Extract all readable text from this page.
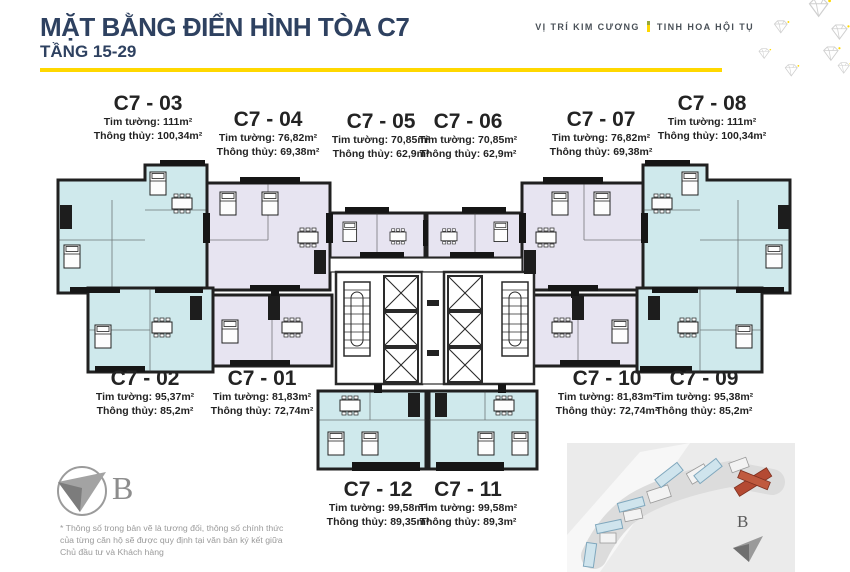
MẶT BẰNG ĐIỂN HÌNH TÒA C7
TẦNG 15-29
VỊ TRÍ KIM CƯƠNG TINH HOA HỘI TỤ
C7 - 03
Tim tường: 111m²
Thông thủy: 100,34m²
C7 - 04
Tim tường: 76,82m²
Thông thủy: 69,38m²
C7 - 05
Tim tường: 70,85m²
Thông thủy: 62,9m²
C7 - 06
Tim tường: 70,85m²
Thông thủy: 62,9m²
C7 - 07
Tim tường: 76,82m²
Thông thủy: 69,38m²
C7 - 08
Tim tường: 111m²
Thông thủy: 100,34m²
C7 - 02
Tim tường: 95,37m²
Thông thủy: 85,2m²
C7 - 01
Tim tường: 81,83m²
Thông thủy: 72,74m²
C7 - 10
Tim tường: 81,83m²
Thông thủy: 72,74m²
C7 - 09
Tim tường: 95,38m²
Thông thủy: 85,2m²
C7 - 12
Tim tường: 99,58m²
Thông thủy: 89,35m²
C7 - 11
Tim tường: 99,58m²
Thông thủy: 89,3m²
B
B
* Thông số trong bản vẽ là tương đối, thông số chính thức
của từng căn hộ sẽ được quy định tại văn bản ký kết giữa
Chủ đầu tư và Khách hàng
